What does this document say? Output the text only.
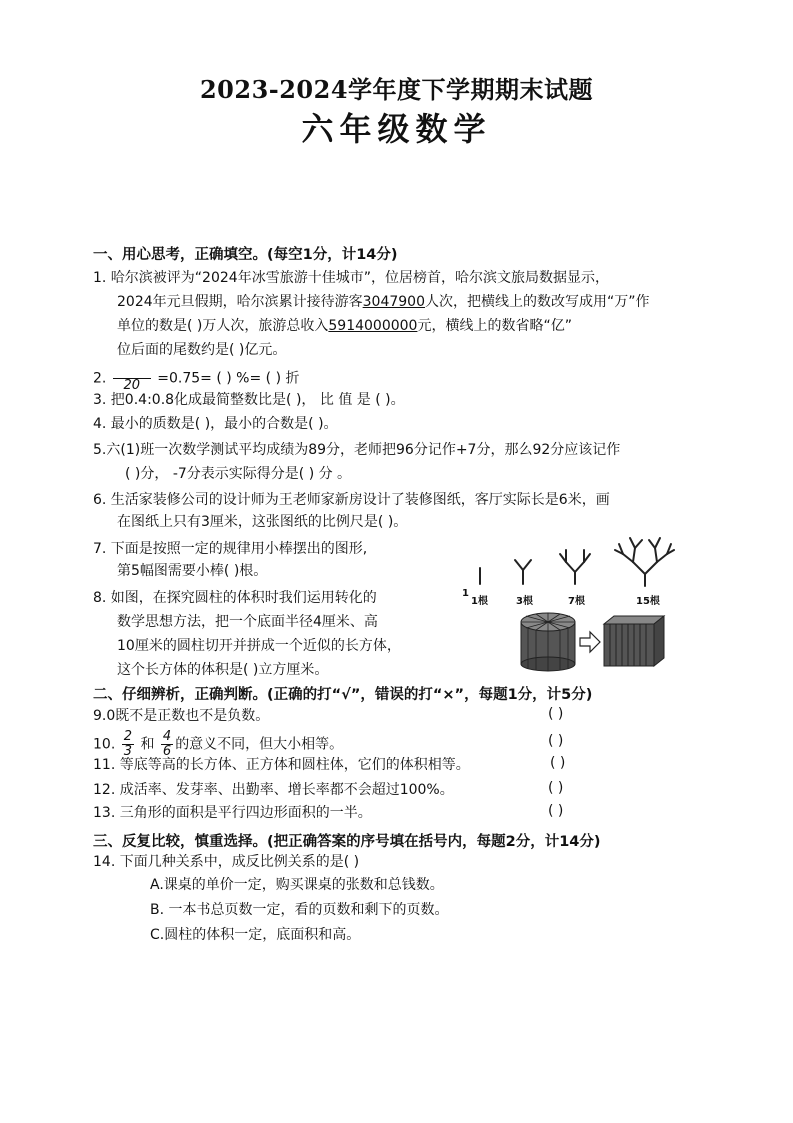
2023-2024学年度下学期期末试题
六年级数学
一、用心思考，正确填空。(每空1分，计14分)
1. 哈尔滨被评为“2024年冰雪旅游十佳城市”，位居榜首，哈尔滨文旅局数据显示，
2024年元旦假期，哈尔滨累计接待游客3047900人次，把横线上的数改写成用“万”作
单位的数是( )万人次，旅游总收入5914000000元，横线上的数省略“亿”
位后面的尾数约是( )亿元。
2.
	20	=0.75= ( ) %= ( ) 折
3. 把0.4:0.8化成最简整数比是( )， 比 值 是 ( )。
4. 最小的质数是( )，最小的合数是( )。
5.六(1)班一次数学测试平均成绩为89分，老师把96分记作+7分，那么92分应该记作
( )分， -7分表示实际得分是( ) 分 。
6. 生活家装修公司的设计师为王老师家新房设计了装修图纸，客厅实际长是6米，画
在图纸上只有3厘米，这张图纸的比例尺是( )。
7. 下面是按照一定的规律用小棒摆出的图形,
第5幅图需要小棒( )根。
1
1根	3根	7根	15根
8. 如图，在探究圆柱的体积时我们运用转化的
数学思想方法，把一个底面半径4厘米、高
10厘米的圆柱切开并拼成一个近似的长方体，
这个长方体的体积是( )立方厘米。
二、仔细辨析，正确判断。(正确的打“√”，错误的打“×”，每题1分，计5分)
9.0既不是正数也不是负数。	( )
10. $\frac{2}{3}$ 和 $\frac{4}{6}$ 的意义不同，但大小相等。	( )
11. 等底等高的长方体、正方体和圆柱体，它们的体积相等。	( )
12. 成活率、发芽率、出勤率、增长率都不会超过100%。	( )
13. 三角形的面积是平行四边形面积的一半。	( )
三、反复比较，慎重选择。(把正确答案的序号填在括号内，每题2分，计14分)
14. 下面几种关系中，成反比例关系的是( )
A.课桌的单价一定，购买课桌的张数和总钱数。
B. 一本书总页数一定，看的页数和剩下的页数。
C.圆柱的体积一定，底面积和高。
